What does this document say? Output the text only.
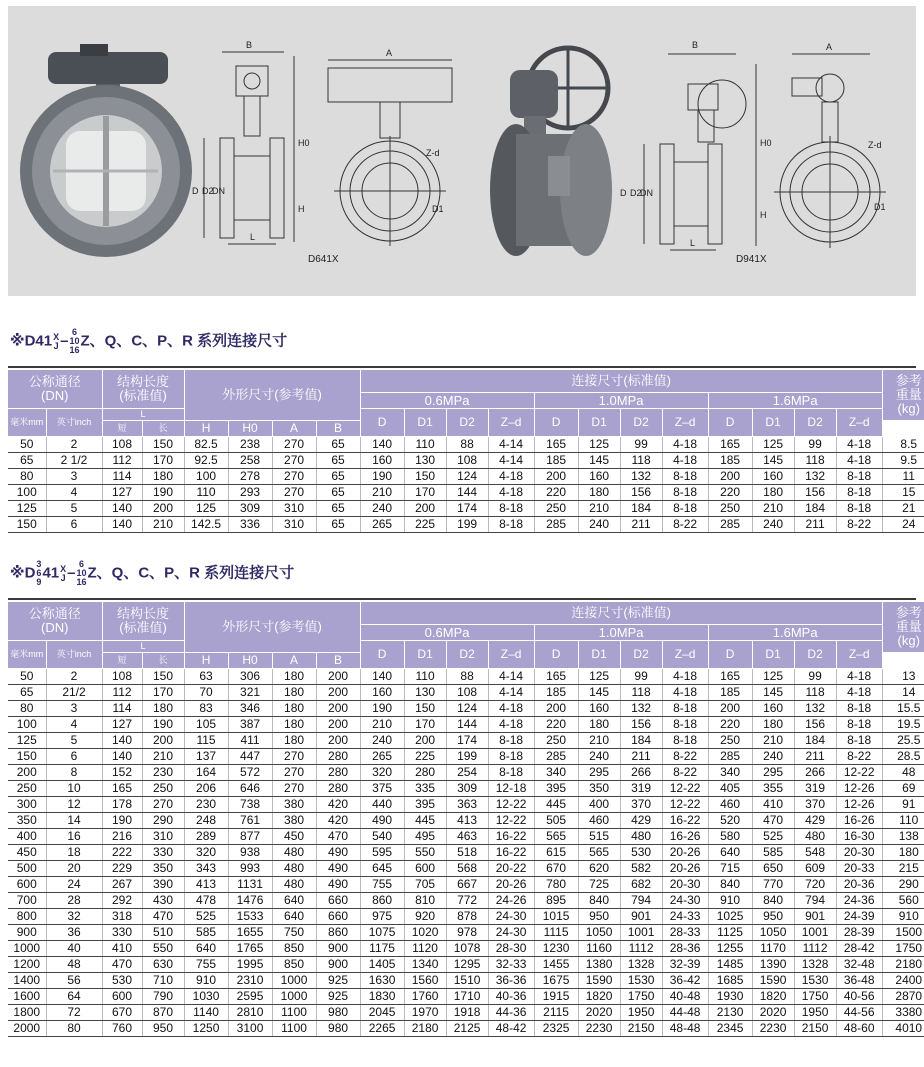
B
H0
H
D D2
DN
L
A
Z-d
D1
B
H0
H
D D2
DN
L
A
Z-d
D1
D641X	D941X
※D41X
J –6
10
16Z、Q、C、P、R 系列连接尺寸
公称通径
(DN)		结构长度
(标准值)		外形尺寸(参考值)				连接尺寸(标准值)												参考
重量
(kg)
								0.6MPa				1.0MPa				1.6MPa				
毫米mm	英寸inch	L						D	D1	D2	Z–d	D	D1	D2	Z–d	D	D1	D2	Z–d	
		短	长	H	H0	A	B													
50	2	108	150	82.5	238	270	65	140	110	88	4-14	165	125	99	4-18	165	125	99	4-18	8.5
65	2 1/2	112	170	92.5	258	270	65	160	130	108	4-14	185	145	118	4-18	185	145	118	4-18	9.5
80	3	114	180	100	278	270	65	190	150	124	4-18	200	160	132	8-18	200	160	132	8-18	11
100	4	127	190	110	293	270	65	210	170	144	4-18	220	180	156	8-18	220	180	156	8-18	15
125	5	140	200	125	309	310	65	240	200	174	8-18	250	210	184	8-18	250	210	184	8-18	21
150	6	140	210	142.5	336	310	65	265	225	199	8-18	285	240	211	8-22	285	240	211	8-22	24
※D3
6
941X
J –6
10
16Z、Q、C、P、R 系列连接尺寸
公称通径
(DN)		结构长度
(标准值)		外形尺寸(参考值)				连接尺寸(标准值)												参考
重量
(kg)
								0.6MPa				1.0MPa				1.6MPa				
毫米mm	英寸inch	L						D	D1	D2	Z–d	D	D1	D2	Z–d	D	D1	D2	Z–d	
		短	长	H	H0	A	B													
50	2	108	150	63	306	180	200	140	110	88	4-14	165	125	99	4-18	165	125	99	4-18	13
65	21/2	112	170	70	321	180	200	160	130	108	4-14	185	145	118	4-18	185	145	118	4-18	14
80	3	114	180	83	346	180	200	190	150	124	4-18	200	160	132	8-18	200	160	132	8-18	15.5
100	4	127	190	105	387	180	200	210	170	144	4-18	220	180	156	8-18	220	180	156	8-18	19.5
125	5	140	200	115	411	180	200	240	200	174	8-18	250	210	184	8-18	250	210	184	8-18	25.5
150	6	140	210	137	447	270	280	265	225	199	8-18	285	240	211	8-22	285	240	211	8-22	28.5
200	8	152	230	164	572	270	280	320	280	254	8-18	340	295	266	8-22	340	295	266	12-22	48
250	10	165	250	206	646	270	280	375	335	309	12-18	395	350	319	12-22	405	355	319	12-26	69
300	12	178	270	230	738	380	420	440	395	363	12-22	445	400	370	12-22	460	410	370	12-26	91
350	14	190	290	248	761	380	420	490	445	413	12-22	505	460	429	16-22	520	470	429	16-26	110
400	16	216	310	289	877	450	470	540	495	463	16-22	565	515	480	16-26	580	525	480	16-30	138
450	18	222	330	320	938	480	490	595	550	518	16-22	615	565	530	20-26	640	585	548	20-30	180
500	20	229	350	343	993	480	490	645	600	568	20-22	670	620	582	20-26	715	650	609	20-33	215
600	24	267	390	413	1131	480	490	755	705	667	20-26	780	725	682	20-30	840	770	720	20-36	290
700	28	292	430	478	1476	640	660	860	810	772	24-26	895	840	794	24-30	910	840	794	24-36	560
800	32	318	470	525	1533	640	660	975	920	878	24-30	1015	950	901	24-33	1025	950	901	24-39	910
900	36	330	510	585	1655	750	860	1075	1020	978	24-30	1115	1050	1001	28-33	1125	1050	1001	28-39	1500
1000	40	410	550	640	1765	850	900	1175	1120	1078	28-30	1230	1160	1112	28-36	1255	1170	1112	28-42	1750
1200	48	470	630	755	1995	850	900	1405	1340	1295	32-33	1455	1380	1328	32-39	1485	1390	1328	32-48	2180
1400	56	530	710	910	2310	1000	925	1630	1560	1510	36-36	1675	1590	1530	36-42	1685	1590	1530	36-48	2400
1600	64	600	790	1030	2595	1000	925	1830	1760	1710	40-36	1915	1820	1750	40-48	1930	1820	1750	40-56	2870
1800	72	670	870	1140	2810	1100	980	2045	1970	1918	44-36	2115	2020	1950	44-48	2130	2020	1950	44-56	3380
2000	80	760	950	1250	3100	1100	980	2265	2180	2125	48-42	2325	2230	2150	48-48	2345	2230	2150	48-60	4010
